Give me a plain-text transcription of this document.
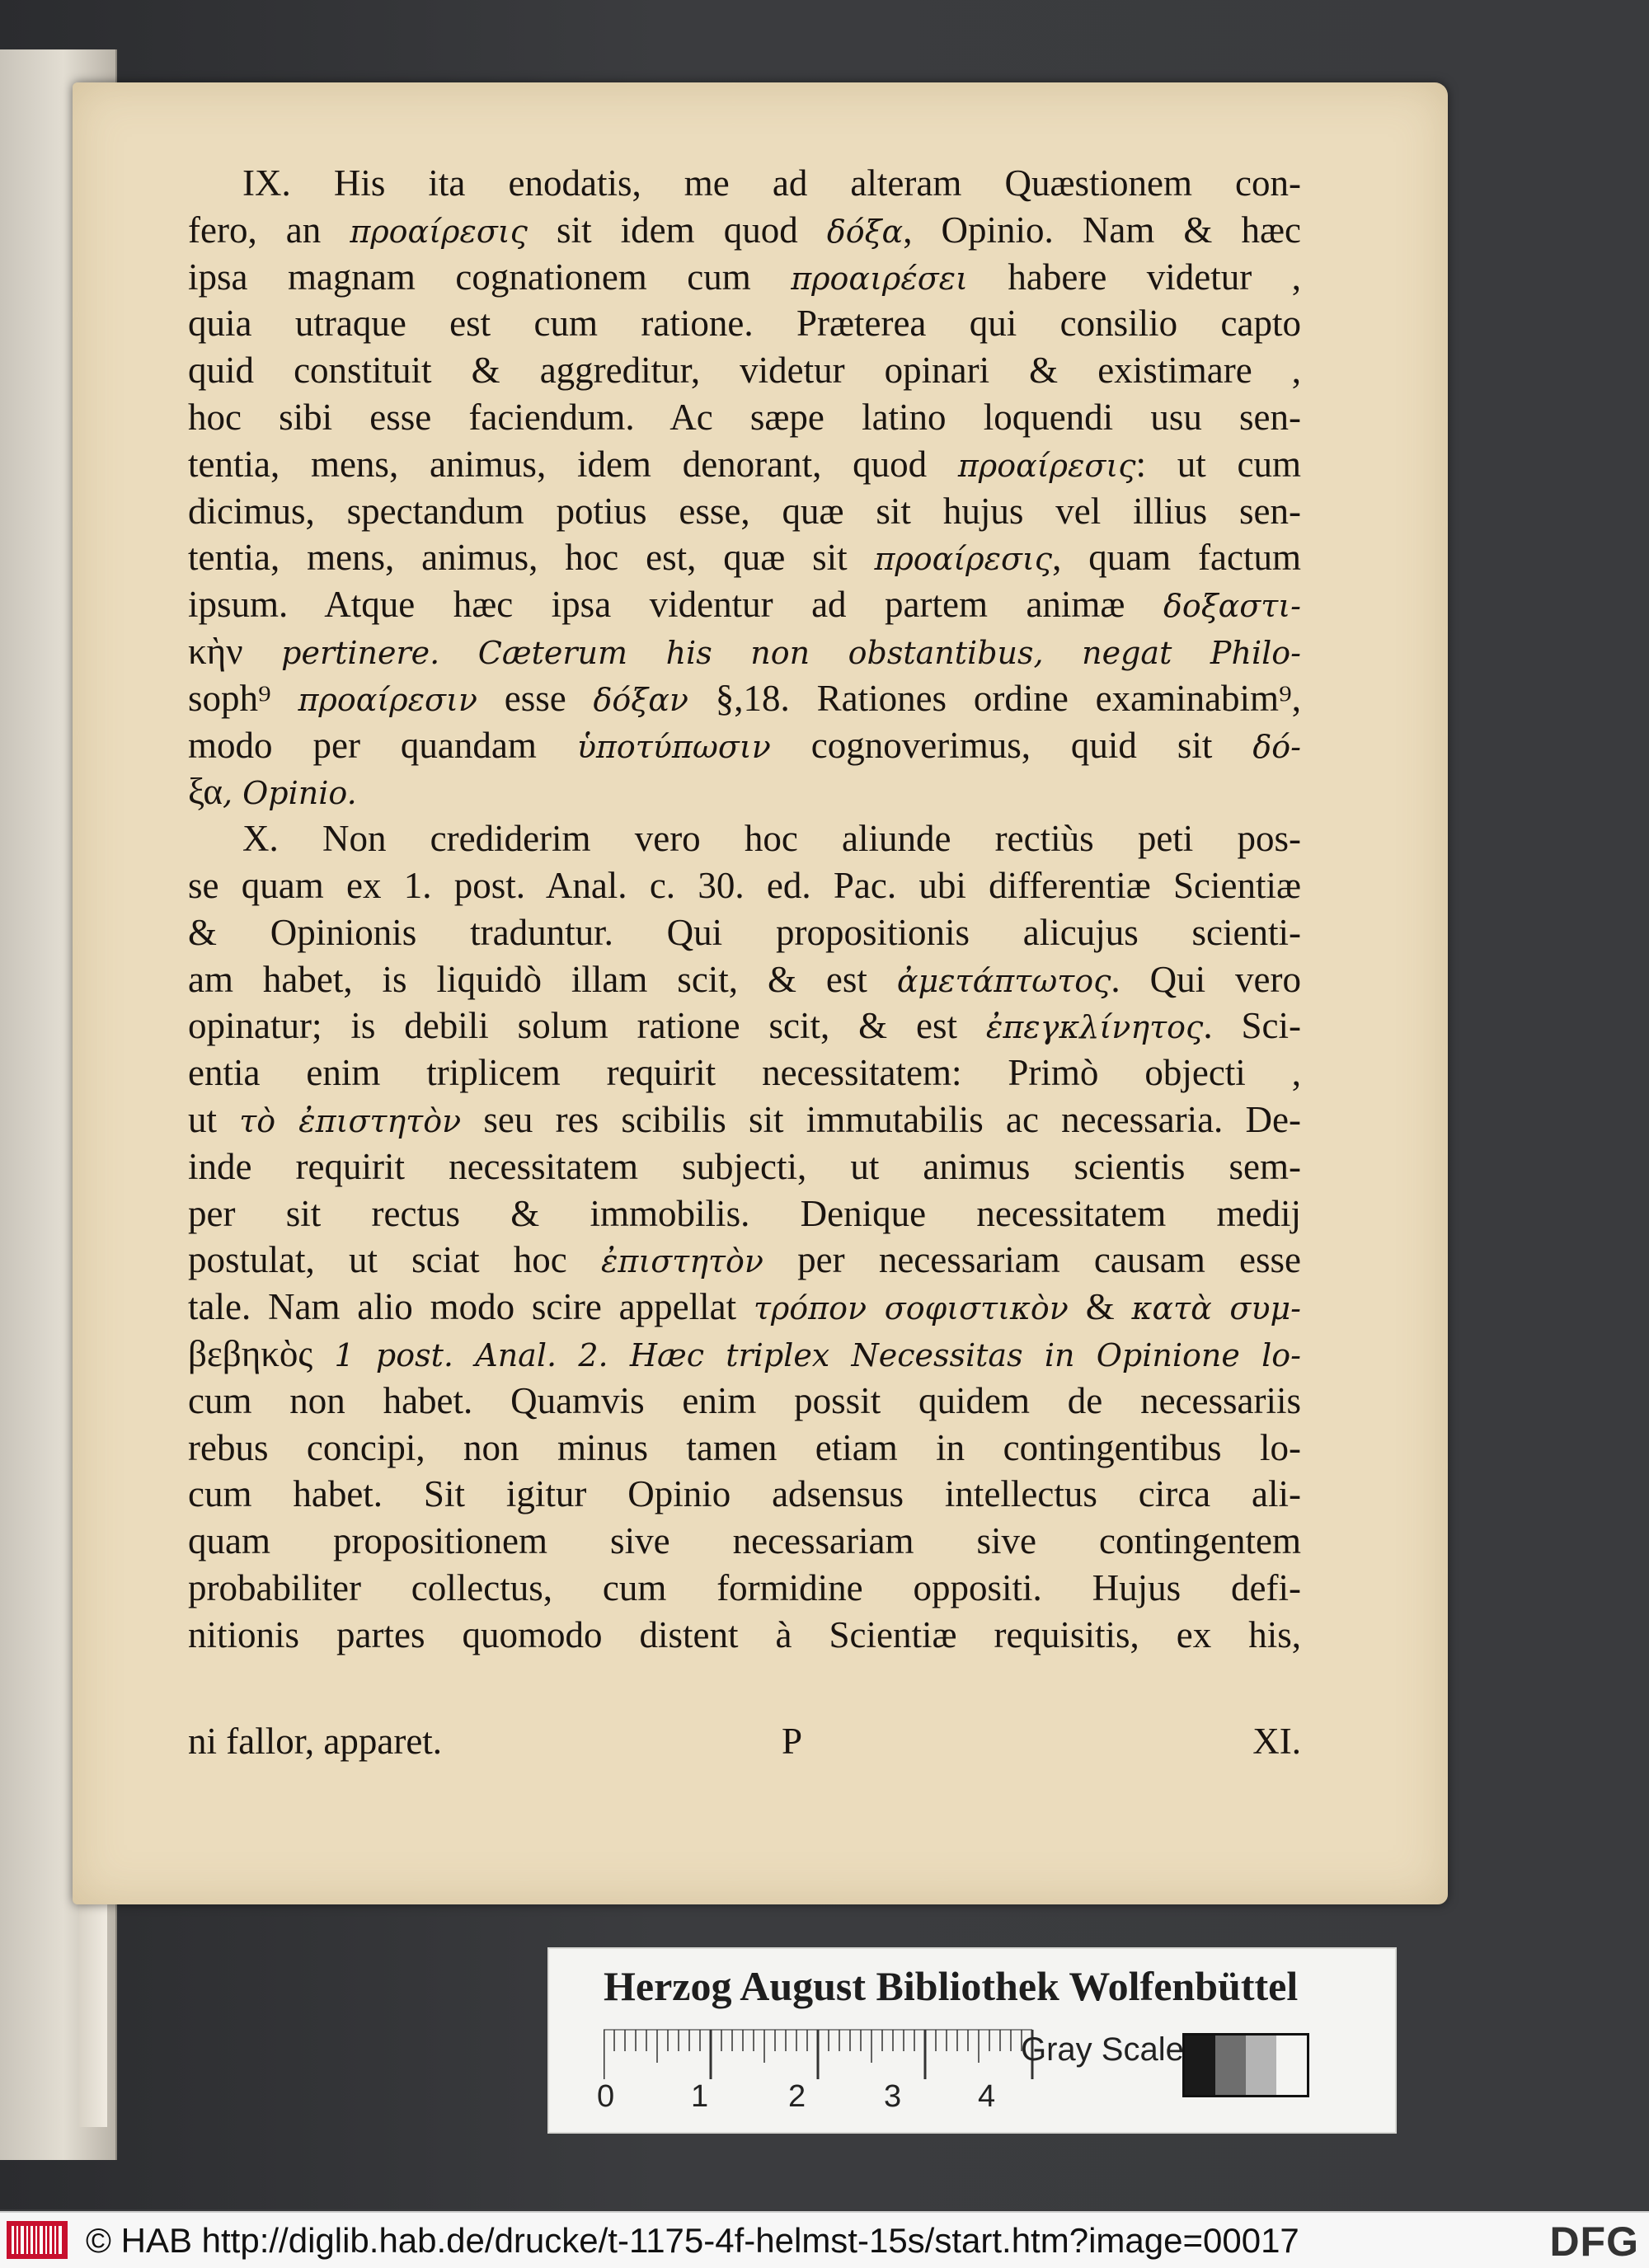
IX. His ita enodatis, me ad alteram Quæstionem con-
fero, an προαίρεσις sit idem quod δόξα, Opinio. Nam & hæc
ipsa magnam cognationem cum προαιρέσει habere videtur ,
quia utraque est cum ratione. Præterea qui consilio capto
quid constituit & aggreditur, videtur opinari & existimare ,
hoc sibi esse faciendum. Ac sæpe latino loquendi usu sen-
tentia, mens, animus, idem denorant, quod προαίρεσις: ut cum
dicimus, spectandum potius esse, quæ sit hujus vel illius sen-
tentia, mens, animus, hoc est, quæ sit προαίρεσις, quam factum
ipsum. Atque hæc ipsa videntur ad partem animæ δοξαστι-
κὴν pertinere. Cæterum his non obstantibus, negat Philo-
soph⁹ προαίρεσιν esse δόξαν §,18. Rationes ordine examinabim⁹,
modo per quandam ὑποτύπωσιν cognoverimus, quid sit δό-
ξα, Opinio.
X. Non crediderim vero hoc aliunde rectiùs peti pos-
se quam ex 1. post. Anal. c. 30. ed. Pac. ubi differentiæ Scientiæ
& Opinionis traduntur. Qui propositionis alicujus scienti-
am habet, is liquidò illam scit, & est ἀμετάπτωτος. Qui vero
opinatur; is debili solum ratione scit, & est ἐπεγκλίνητος. Sci-
entia enim triplicem requirit necessitatem: Primò objecti ,
ut τὸ ἐπιστητὸν seu res scibilis sit immutabilis ac necessaria. De-
inde requirit necessitatem subjecti, ut animus scientis sem-
per sit rectus & immobilis. Denique necessitatem medij
postulat, ut sciat hoc ἐπιστητὸν per necessariam causam esse
tale. Nam alio modo scire appellat τρόπον σοφιστικὸν & κατὰ συμ-
βεβηκὸς 1 post. Anal. 2. Hæc triplex Necessitas in Opinione lo-
cum non habet. Quamvis enim possit quidem de necessariis
rebus concipi, non minus tamen etiam in contingentibus lo-
cum habet. Sit igitur Opinio adsensus intellectus circa ali-
quam propositionem sive necessariam sive contingentem
probabiliter collectus, cum formidine oppositi. Hujus defi-
nitionis partes quomodo distent à Scientiæ requisitis, ex his,
ni fallor, apparet.	P	XI.
Herzog August Bibliothek Wolfenbüttel
0 1	2 3 4
Gray Scale
© HAB http://diglib.hab.de/drucke/t-1175-4f-helmst-15s/start.htm?image=00017	DFG
